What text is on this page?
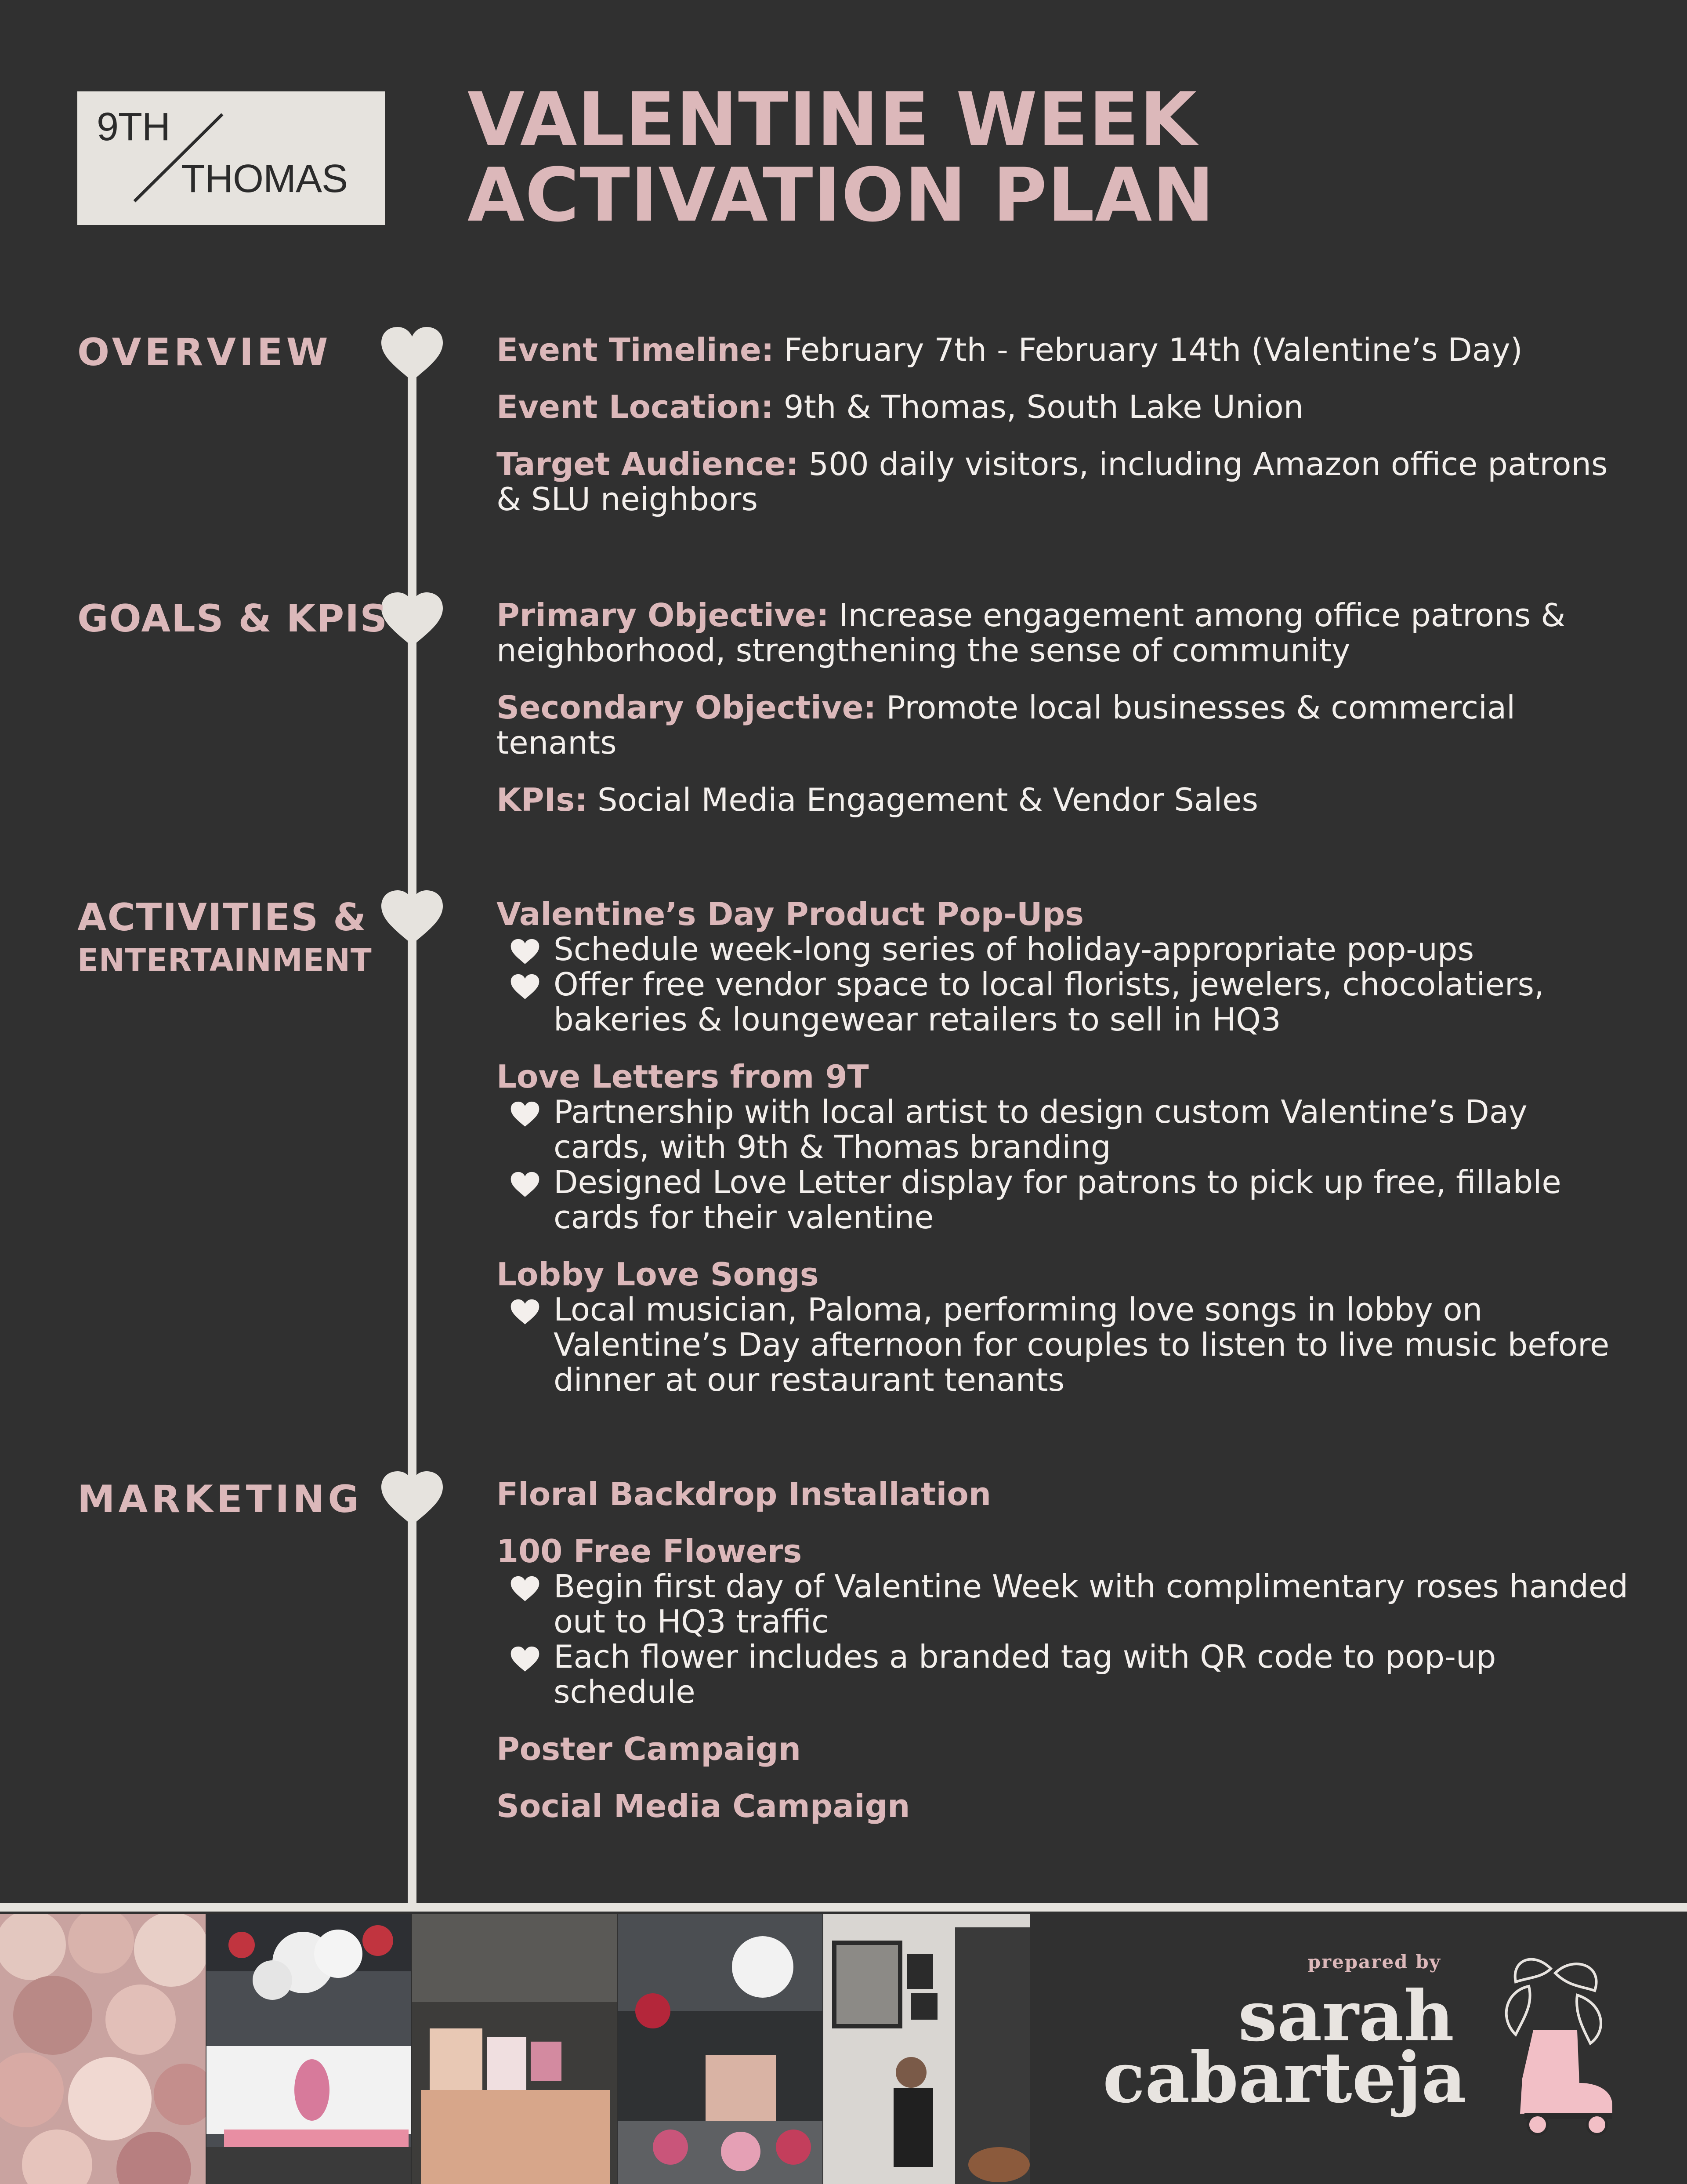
9TH
THOMAS
VALENTINE WEEK
ACTIVATION PLAN
OVERVIEW
GOALS & KPIS
ACTIVITIES &
ENTERTAINMENT
MARKETING

Event Timeline: February 7th - February 14th (Valentine’s Day)

Event Location: 9th & Thomas, South Lake Union

Target Audience: 500 daily visitors, including Amazon office patrons & SLU neighbors

Primary Objective: Increase engagement among office patrons & neighborhood, strengthening the sense of community

Secondary Objective: Promote local businesses & commercial tenants

KPIs: Social Media Engagement & Vendor Sales

Valentine’s Day Product Pop-Ups

Schedule week-long series of holiday-appropriate pop-ups

Offer free vendor space to local florists, jewelers, chocolatiers, bakeries & loungewear retailers to sell in HQ3

Love Letters from 9T

Partnership with local artist to design custom Valentine’s Day cards, with 9th & Thomas branding

Designed Love Letter display for patrons to pick up free, fillable cards for their valentine

Lobby Love Songs

Local musician, Paloma, performing love songs in lobby on Valentine’s Day afternoon for couples to listen to live music before dinner at our restaurant tenants

Floral Backdrop Installation

100 Free Flowers

Begin first day of Valentine Week with complimentary roses handed out to HQ3 traffic

Each flower includes a branded tag with QR code to pop-up schedule

Poster Campaign

Social Media Campaign

prepared by
sarah
cabarteja
